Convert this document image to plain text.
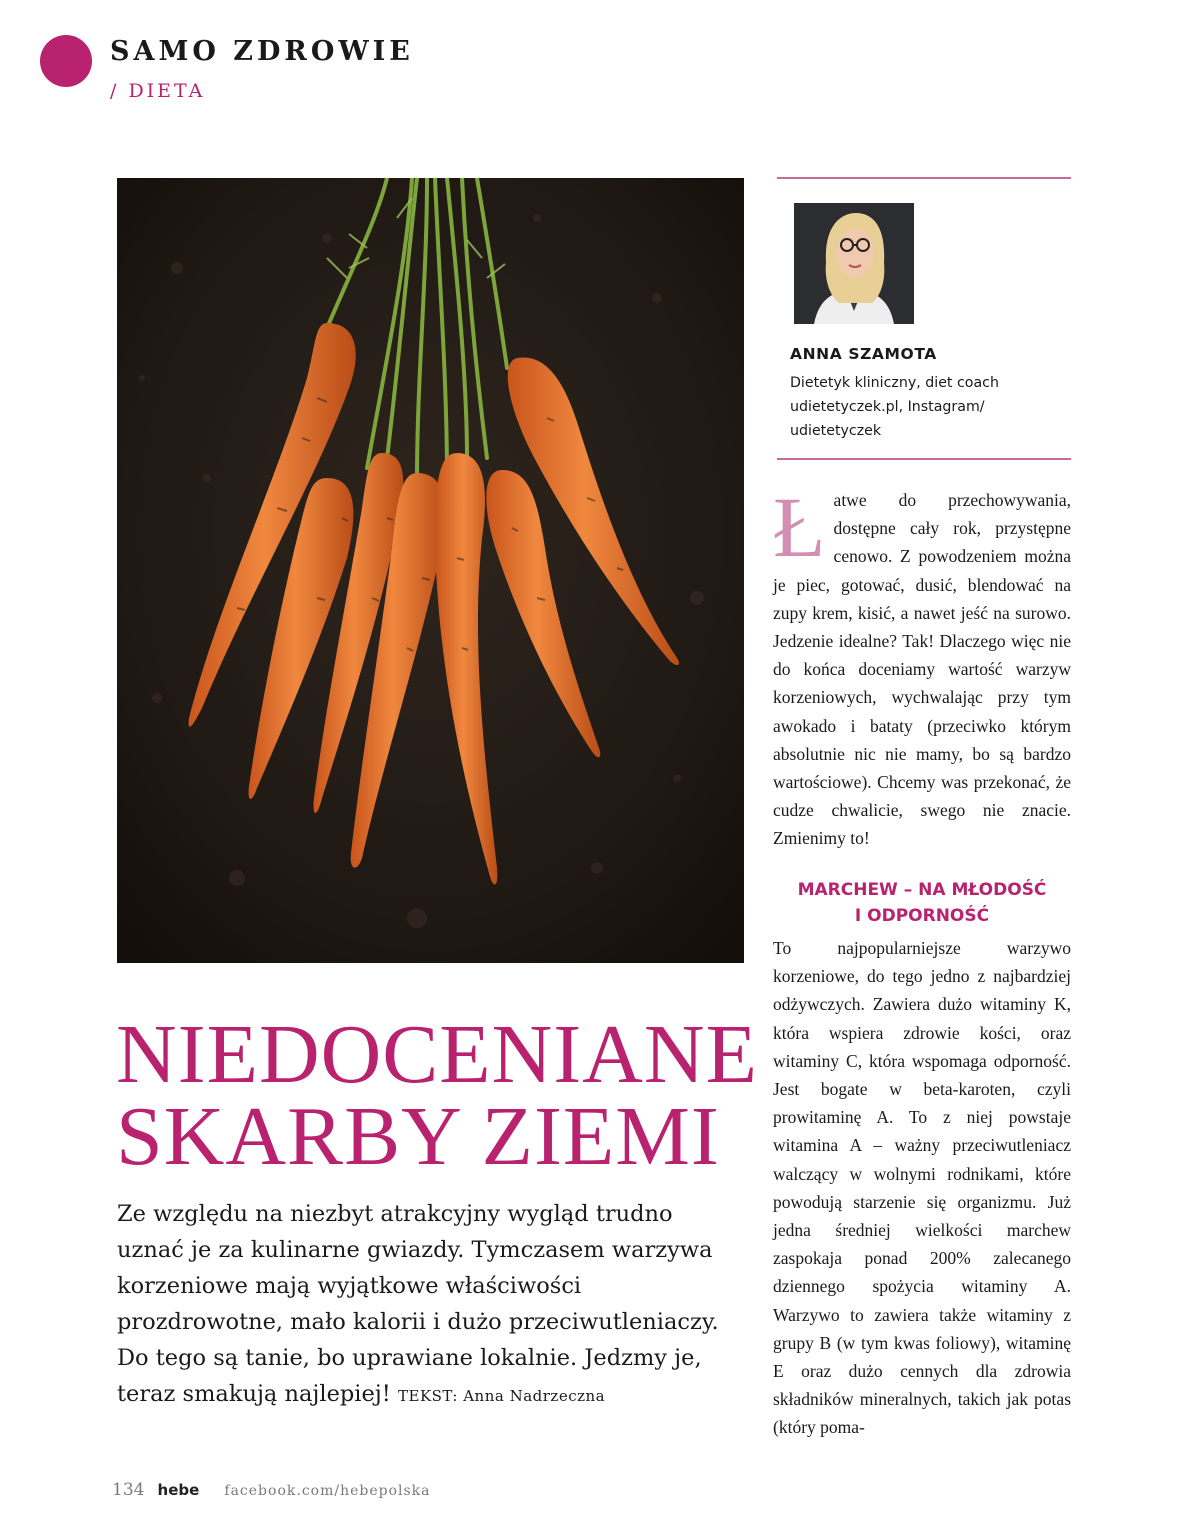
SAMO ZDROWIE
/ DIETA
NIEDOCENIANE
SKARBY ZIEMI
Ze względu na niezbyt atrakcyjny wygląd trudno uznać je za kulinarne gwiazdy. Tymczasem warzywa korzeniowe mają wyjątkowe właściwości prozdrowotne, mało kalorii i dużo przeciwutleniaczy. Do tego są tanie, bo uprawiane lokalnie. Jedzmy je, teraz smakują najlepiej! TEKST: Anna Nadrzeczna
ANNA SZAMOTA
Dietetyk kliniczny, diet coach
udietetyczek.pl, Instagram/
udietetyczek
Ł atwe do przechowywania, dostępne cały rok, przystępne cenowo. Z powodzeniem można je piec, gotować, dusić, blendować na zupy krem, kisić, a nawet jeść na surowo. Jedzenie idealne? Tak! Dlaczego więc nie do końca doceniamy wartość warzyw korzeniowych, wychwalając przy tym awokado i bataty (przeciwko którym absolutnie nic nie mamy, bo są bardzo wartościowe). Chcemy was przekonać, że cudze chwalicie, swego nie znacie. Zmienimy to!
MARCHEW – NA MŁODOŚĆ
I ODPORNOŚĆ
To najpopularniejsze warzywo korzeniowe, do tego jedno z najbardziej odżywczych. Zawiera dużo witaminy K, która wspiera zdrowie kości, oraz witaminy C, która wspomaga odporność. Jest bogate w beta-karoten, czyli prowitaminę A. To z niej powstaje witamina A – ważny przeciwutleniacz walczący w wolnymi rodnikami, które powodują starzenie się organizmu. Już jedna średniej wielkości marchew zaspokaja ponad 200% zalecanego dziennego spożycia witaminy A. Warzywo to zawiera także witaminy z grupy B (w tym kwas foliowy), witaminę E oraz dużo cennych dla zdrowia składników mineralnych, takich jak potas (który poma-
134 hebe facebook.com/hebepolska
